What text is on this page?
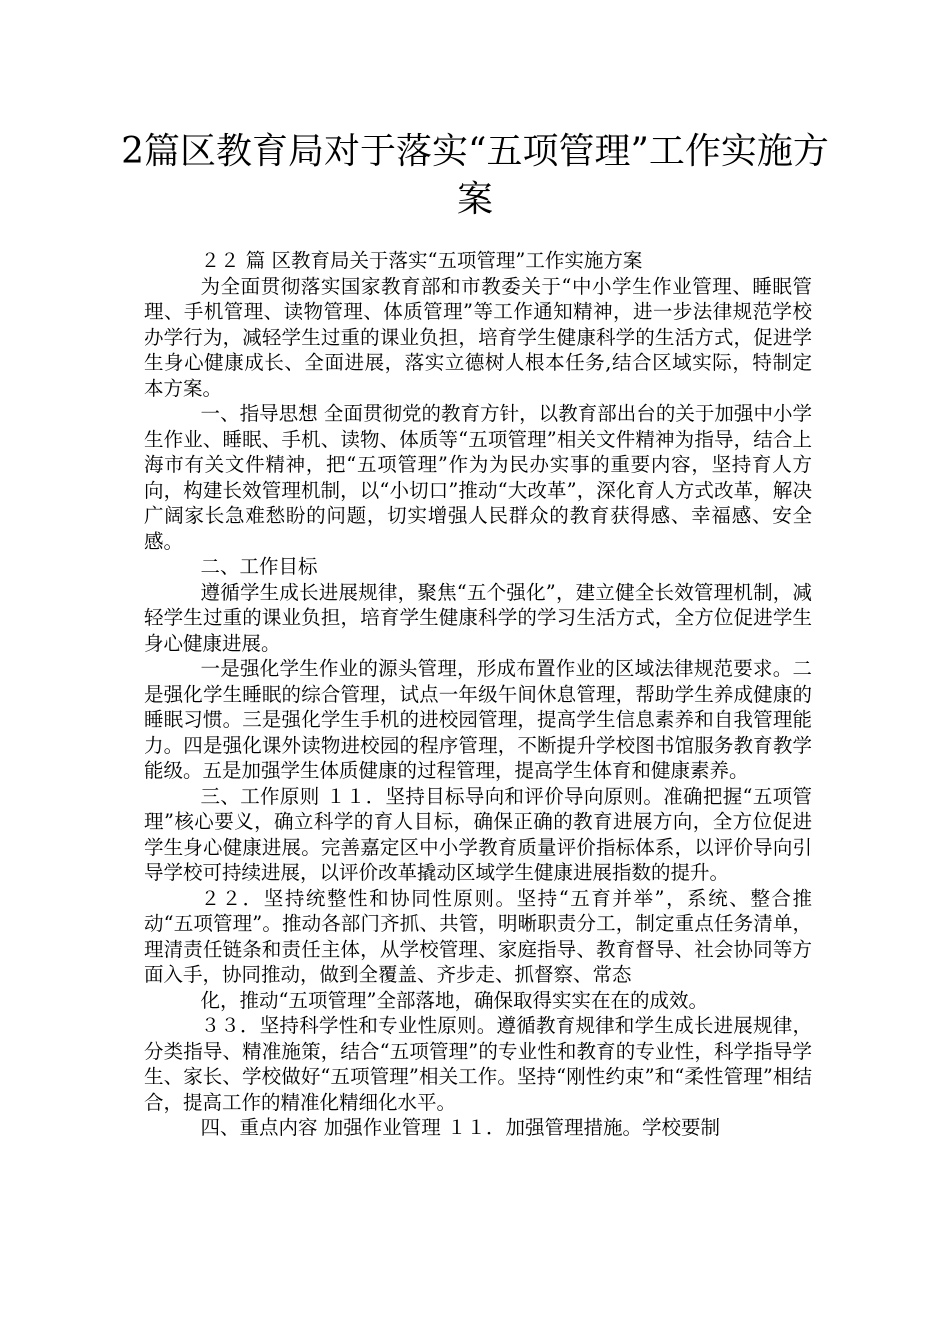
2篇区教育局对于落实“五项管理”工作实施方案

２２ 篇 区教育局关于落实“五项管理”工作实施方案

为全面贯彻落实国家教育部和市教委关于“中小学生作业管理、睡眠管理、手机管理、读物管理、体质管理”等工作通知精神，进一步法律规范学校办学行为，减轻学生过重的课业负担，培育学生健康科学的生活方式，促进学生身心健康成长、全面进展，落实立德树人根本任务,结合区域实际，特制定本方案。

一、指导思想 全面贯彻党的教育方针，以教育部出台的关于加强中小学生作业、睡眠、手机、读物、体质等“五项管理”相关文件精神为指导，结合上海市有关文件精神，把“五项管理”作为为民办实事的重要内容，坚持育人方向，构建长效管理机制，以“小切口”推动“大改革”，深化育人方式改革，解决广阔家长急难愁盼的问题，切实增强人民群众的教育获得感、幸福感、安全感。

二、工作目标

遵循学生成长进展规律，聚焦“五个强化”，建立健全长效管理机制，减轻学生过重的课业负担，培育学生健康科学的学习生活方式，全方位促进学生身心健康进展。

一是强化学生作业的源头管理，形成布置作业的区域法律规范要求。二是强化学生睡眠的综合管理，试点一年级午间休息管理，帮助学生养成健康的睡眠习惯。三是强化学生手机的进校园管理，提高学生信息素养和自我管理能力。四是强化课外读物进校园的程序管理，不断提升学校图书馆服务教育教学能级。五是加强学生体质健康的过程管理，提高学生体育和健康素养。

三、工作原则 １１．坚持目标导向和评价导向原则。准确把握“五项管理”核心要义，确立科学的育人目标，确保正确的教育进展方向，全方位促进学生身心健康进展。完善嘉定区中小学教育质量评价指标体系，以评价导向引导学校可持续进展，以评价改革撬动区域学生健康进展指数的提升。

２２．坚持统整性和协同性原则。坚持“五育并举”，系统、整合推动“五项管理”。推动各部门齐抓、共管，明晰职责分工，制定重点任务清单，理清责任链条和责任主体，从学校管理、家庭指导、教育督导、社会协同等方面入手，协同推动，做到全覆盖、齐步走、抓督察、常态

化，推动“五项管理”全部落地，确保取得实实在在的成效。

３３．坚持科学性和专业性原则。遵循教育规律和学生成长进展规律，分类指导、精准施策，结合“五项管理”的专业性和教育的专业性，科学指导学生、家长、学校做好“五项管理”相关工作。坚持“刚性约束”和“柔性管理”相结合，提高工作的精准化精细化水平。

四、重点内容 加强作业管理 １１．加强管理措施。学校要制
